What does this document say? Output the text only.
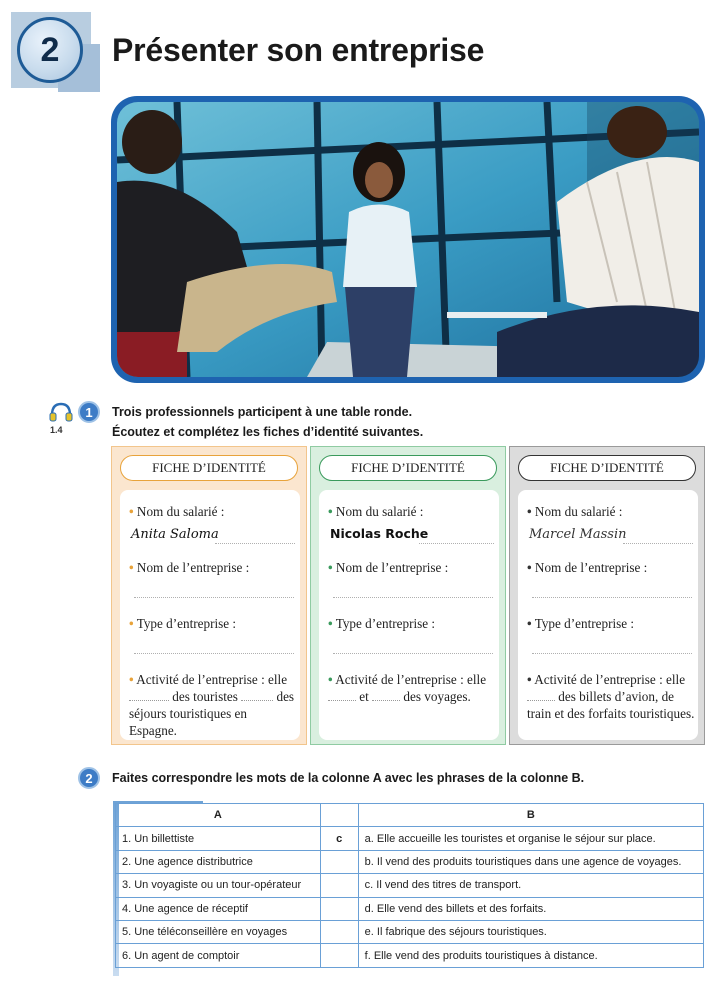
2 Présenter son entreprise
1.4
1	Trois professionnels participent à une table ronde.
Écoutez et complétez les fiches d’identité suivantes.
FICHE D’IDENTITÉ
• Nom du salarié :
Anita Saloma
• Nom de l’entreprise :
• Type d’entreprise :
• Activité de l’entreprise : elle
des touristes	des
séjours touristiques en Espagne.
FICHE D’IDENTITÉ
• Nom du salarié :
Nicolas Roche
• Nom de l’entreprise :
• Type d’entreprise :
• Activité de l’entreprise : elle
et	des voyages.
FICHE D’IDENTITÉ
• Nom du salarié :
Marcel Massin
• Nom de l’entreprise :
• Type d’entreprise :
• Activité de l’entreprise : elle
des billets d’avion, de
train et des forfaits touristiques.
2	Faites correspondre les mots de la colonne A avec les phrases de la colonne B.
A		B
1. Un billettiste	c	a. Elle accueille les touristes et organise le séjour sur place.
2. Une agence distributrice		b. Il vend des produits touristiques dans une agence de voyages.
3. Un voyagiste ou un tour-opérateur		c. Il vend des titres de transport.
4. Une agence de réceptif		d. Elle vend des billets et des forfaits.
5. Une téléconseillère en voyages		e. Il fabrique des séjours touristiques.
6. Un agent de comptoir		f. Elle vend des produits touristiques à distance.
